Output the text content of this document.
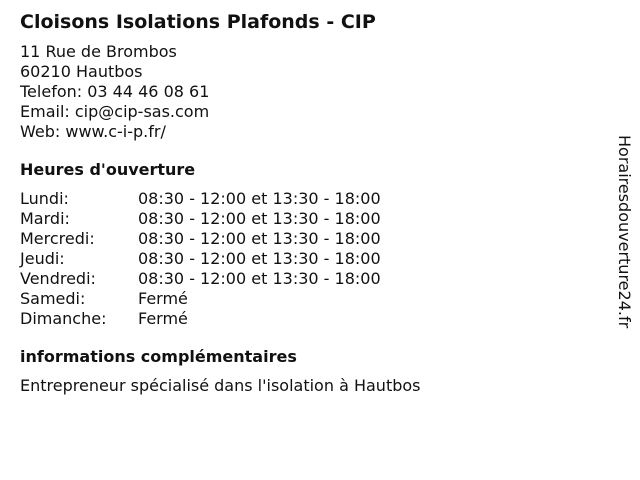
Cloisons Isolations Plafonds - CIP
11 Rue de Brombos
60210 Hautbos
Telefon: 03 44 46 08 61
Email: cip@cip-sas.com
Web: www.c-i-p.fr/
Heures d'ouverture
Lundi:	08:30 - 12:00 et 13:30 - 18:00
Mardi:	08:30 - 12:00 et 13:30 - 18:00
Mercredi:	08:30 - 12:00 et 13:30 - 18:00
Jeudi:	08:30 - 12:00 et 13:30 - 18:00
Vendredi:	08:30 - 12:00 et 13:30 - 18:00
Samedi:	Fermé
Dimanche:	Fermé
informations complémentaires
Entrepreneur spécialisé dans l'isolation à Hautbos
Horairesdouverture24.fr
